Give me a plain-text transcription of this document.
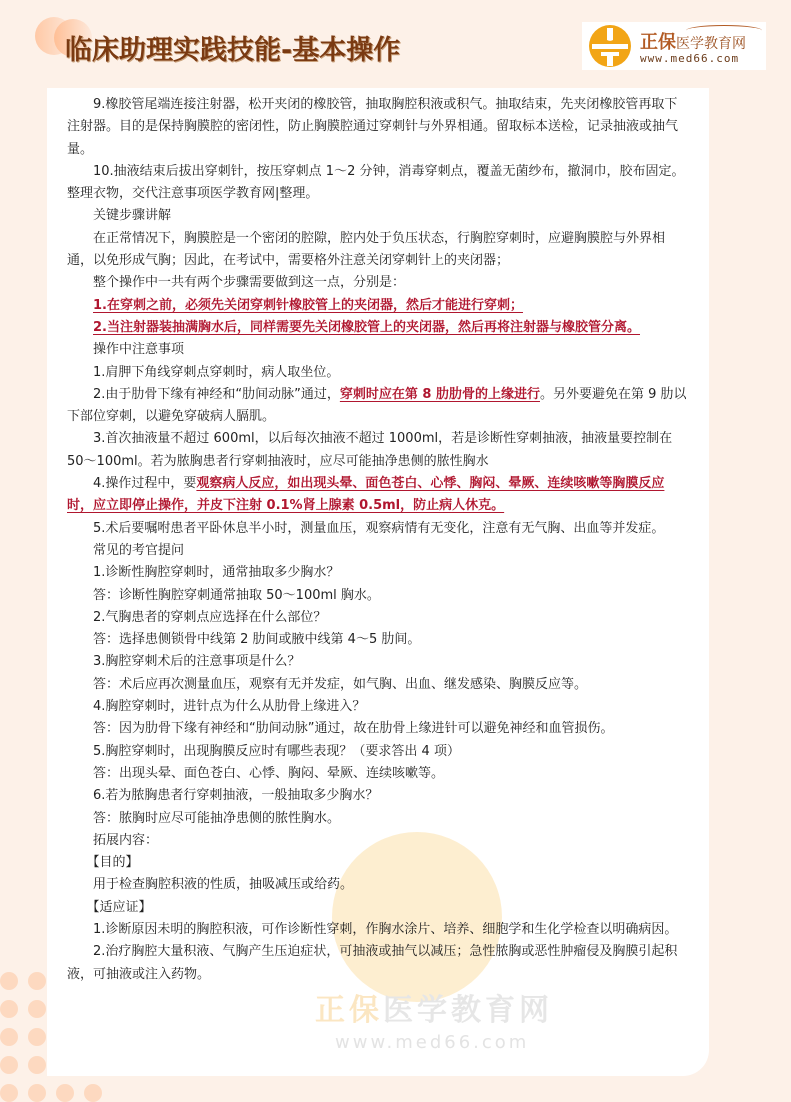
临床助理实践技能-基本操作	正保医学教育网
www.med66.com
正保医学教育网
www.med66.com

9.橡胶管尾端连接注射器，松开夹闭的橡胶管，抽取胸腔积液或积气。抽取结束，先夹闭橡胶管再取下注射器。目的是保持胸膜腔的密闭性，防止胸膜腔通过穿刺针与外界相通。留取标本送检，记录抽液或抽气量。

10.抽液结束后拔出穿刺针，按压穿刺点 1～2 分钟，消毒穿刺点，覆盖无菌纱布，撤洞巾，胶布固定。整理衣物，交代注意事项医学教育网|整理。

关键步骤讲解

在正常情况下，胸膜腔是一个密闭的腔隙，腔内处于负压状态，行胸腔穿刺时，应避胸膜腔与外界相通，以免形成气胸；因此，在考试中，需要格外注意关闭穿刺针上的夹闭器；

整个操作中一共有两个步骤需要做到这一点，分别是：

1.在穿刺之前，必须先关闭穿刺针橡胶管上的夹闭器，然后才能进行穿刺；

2.当注射器装抽满胸水后，同样需要先关闭橡胶管上的夹闭器，然后再将注射器与橡胶管分离。

操作中注意事项

1.肩胛下角线穿刺点穿刺时，病人取坐位。

2.由于肋骨下缘有神经和“肋间动脉”通过，穿刺时应在第 8 肋肋骨的上缘进行。另外要避免在第 9 肋以下部位穿刺，以避免穿破病人膈肌。

3.首次抽液量不超过 600ml，以后每次抽液不超过 1000ml，若是诊断性穿刺抽液，抽液量要控制在 50～100ml。若为脓胸患者行穿刺抽液时，应尽可能抽净患侧的脓性胸水

4.操作过程中，要观察病人反应，如出现头晕、面色苍白、心悸、胸闷、晕厥、连续咳嗽等胸膜反应时，应立即停止操作，并皮下注射 0.1%肾上腺素 0.5ml，防止病人休克。

5.术后要嘱咐患者平卧休息半小时，测量血压，观察病情有无变化，注意有无气胸、出血等并发症。

常见的考官提问

1.诊断性胸腔穿刺时，通常抽取多少胸水？

答：诊断性胸腔穿刺通常抽取 50～100ml 胸水。

2.气胸患者的穿刺点应选择在什么部位？

答：选择患侧锁骨中线第 2 肋间或腋中线第 4～5 肋间。

3.胸腔穿刺术后的注意事项是什么？

答：术后应再次测量血压，观察有无并发症，如气胸、出血、继发感染、胸膜反应等。

4.胸腔穿刺时，进针点为什么从肋骨上缘进入？

答：因为肋骨下缘有神经和“肋间动脉”通过，故在肋骨上缘进针可以避免神经和血管损伤。

5.胸腔穿刺时，出现胸膜反应时有哪些表现？（要求答出 4 项）

答：出现头晕、面色苍白、心悸、胸闷、晕厥、连续咳嗽等。

6.若为脓胸患者行穿刺抽液，一般抽取多少胸水？

答：脓胸时应尽可能抽净患侧的脓性胸水。

拓展内容：

【目的】

用于检查胸腔积液的性质，抽吸减压或给药。

【适应证】

1.诊断原因未明的胸腔积液，可作诊断性穿刺，作胸水涂片、培养、细胞学和生化学检查以明确病因。

2.治疗胸腔大量积液、气胸产生压迫症状，可抽液或抽气以减压；急性脓胸或恶性肿瘤侵及胸膜引起积液，可抽液或注入药物。
